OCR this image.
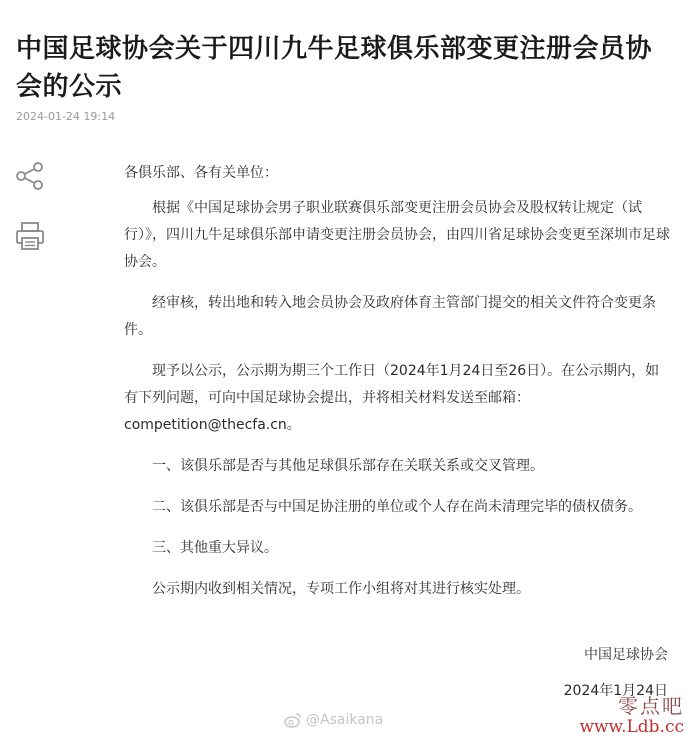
中国足球协会关于四川九牛足球俱乐部变更注册会员协会的公示
2024-01-24 19:14

各俱乐部、各有关单位：

根据《中国足球协会男子职业联赛俱乐部变更注册会员协会及股权转让规定（试行）》，四川九牛足球俱乐部申请变更注册会员协会，由四川省足球协会变更至深圳市足球协会。

经审核，转出地和转入地会员协会及政府体育主管部门提交的相关文件符合变更条件。

现予以公示，公示期为期三个工作日（2024年1月24日至26日）。在公示期内，如有下列问题，可向中国足球协会提出，并将相关材料发送至邮箱：
competition@thecfa.cn。

一、该俱乐部是否与其他足球俱乐部存在关联关系或交叉管理。

二、该俱乐部是否与中国足协注册的单位或个人存在尚未清理完毕的债权债务。

三、其他重大异议。

公示期内收到相关情况，专项工作小组将对其进行核实处理。

中国足球协会
2024年1月24日
@Asaikana
零点吧
www.Ldb.cc
